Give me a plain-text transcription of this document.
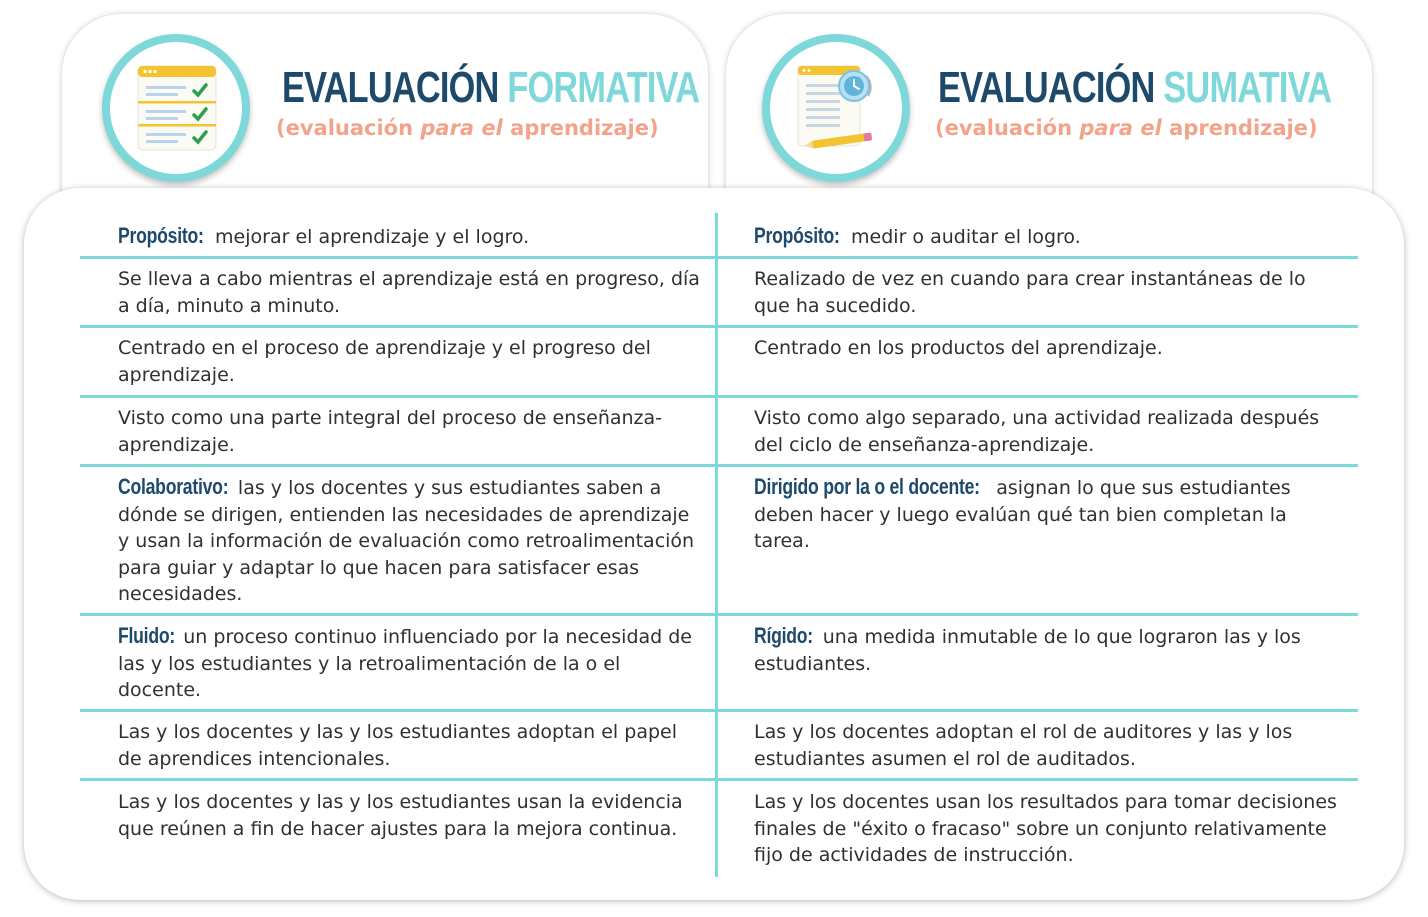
EVALUACIÓN FORMATIVA
(evaluación para el aprendizaje)
EVALUACIÓN SUMATIVA
(evaluación para el aprendizaje)
Propósito: mejorar el aprendizaje y el logro.	Propósito: medir o auditar el logro.
Se lleva a cabo mientras el aprendizaje está en progreso, día a día, minuto a minuto.
Realizado de vez en cuando para crear instantáneas de lo que ha sucedido.
Centrado en el proceso de aprendizaje y el progreso del aprendizaje.
Centrado en los productos del aprendizaje.
Visto como una parte integral del proceso de enseñanza-aprendizaje.
Visto como algo separado, una actividad realizada después del ciclo de enseñanza-aprendizaje.
Colaborativo: las y los docentes y sus estudiantes saben a dónde se dirigen, entienden las necesidades de aprendizaje y usan la información de evaluación como retroalimentación para guiar y adaptar lo que hacen para satisfacer esas necesidades.
Dirigido por la o el docente: asignan lo que sus estudiantes deben hacer y luego evalúan qué tan bien completan la tarea.
Fluido: un proceso continuo influenciado por la necesidad de las y los estudiantes y la retroalimentación de la o el docente.
Rígido: una medida inmutable de lo que lograron las y los estudiantes.
Las y los docentes y las y los estudiantes adoptan el papel de aprendices intencionales.
Las y los docentes adoptan el rol de auditores y las y los estudiantes asumen el rol de auditados.
Las y los docentes y las y los estudiantes usan la evidencia que reúnen a fin de hacer ajustes para la mejora continua.
Las y los docentes usan los resultados para tomar decisiones finales de "éxito o fracaso" sobre un conjunto relativamente fijo de actividades de instrucción.
